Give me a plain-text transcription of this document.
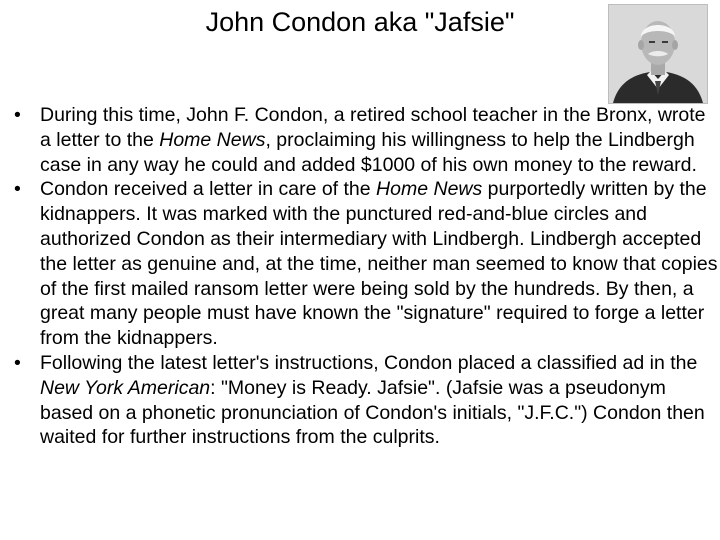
John Condon aka "Jafsie"
• During this time, John F. Condon, a retired school teacher in the Bronx, wrote a letter to the Home News, proclaiming his willingness to help the Lindbergh case in any way he could and added $1000 of his own money to the reward.
• Condon received a letter in care of the Home News purportedly written by the kidnappers. It was marked with the punctured red-and-blue circles and authorized Condon as their intermediary with Lindbergh. Lindbergh accepted the letter as genuine and, at the time, neither man seemed to know that copies of the first mailed ransom letter were being sold by the hundreds. By then, a great many people must have known the "signature" required to forge a letter from the kidnappers.
• Following the latest letter's instructions, Condon placed a classified ad in the New York American: "Money is Ready. Jafsie". (Jafsie was a pseudonym based on a phonetic pronunciation of Condon's initials, "J.F.C.") Condon then waited for further instructions from the culprits.
